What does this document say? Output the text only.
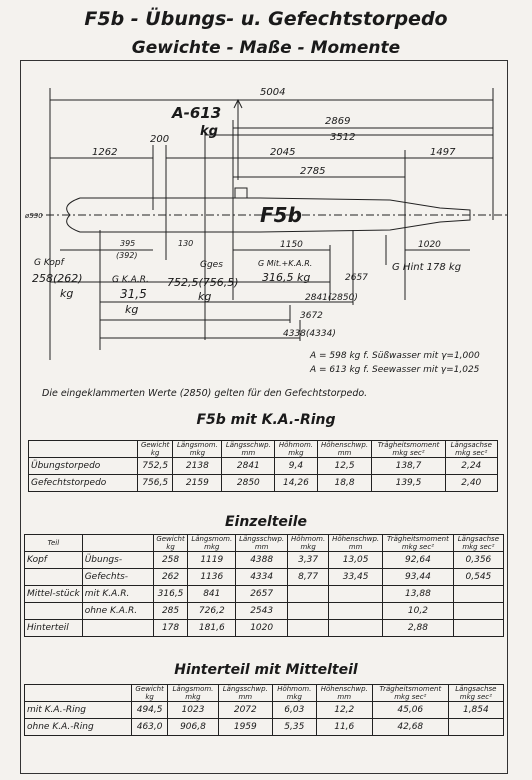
F5b - Übungs- u. Gefechtstorpedo
Gewichte - Maße - Momente
5004
2869
3512
1262
200
2045	1497
2785
ø530
395
(392)
130	1150	1020
2657
2841(2850)
3672
4338(4334)
F5b
A-613
kg
G Kopf
258(262)
kg
G K.A.R.
31,5
kg
Gges
752,5(756,5)
kg
G Mit.+K.A.R.
316,5 kg
G Hint 178 kg
A = 598 kg f. Süßwasser mit γ=1,000
A = 613 kg f. Seewasser mit γ=1,025
Die eingeklammerten Werte (2850) gelten für den Gefechtstorpedo.
F5b mit K.A.-Ring
	Gewicht kg	Längsmom. mkg	Längsschwp. mm	Höhmom. mkg	Höhenschwp. mm	Trägheitsmoment mkg sec²	Längsachse mkg sec²
Übungstorpedo	752,5	2138	2841	9,4	12,5	138,7	2,24
Gefechtstorpedo	756,5	2159	2850	14,26	18,8	139,5	2,40
Einzelteile
Teil		Gewicht kg	Längsmom. mkg	Längsschwp. mm	Höhmom. mkg	Höhenschwp. mm	Trägheitsmoment mkg sec²	Längsachse mkg sec²
Kopf	Übungs-	258	1119	4388	3,37	13,05	92,64	0,356
	Gefechts-	262	1136	4334	8,77	33,45	93,44	0,545
Mittel-stück	mit K.A.R.	316,5	841	2657			13,88	
	ohne K.A.R.	285	726,2	2543			10,2	
Hinterteil		178	181,6	1020			2,88	
Hinterteil mit Mittelteil
	Gewicht kg	Längsmom. mkg	Längsschwp. mm	Höhmom. mkg	Höhenschwp. mm	Trägheitsmoment mkg sec²	Längsachse mkg sec²
mit K.A.-Ring	494,5	1023	2072	6,03	12,2	45,06	1,854
ohne K.A.-Ring	463,0	906,8	1959	5,35	11,6	42,68	
